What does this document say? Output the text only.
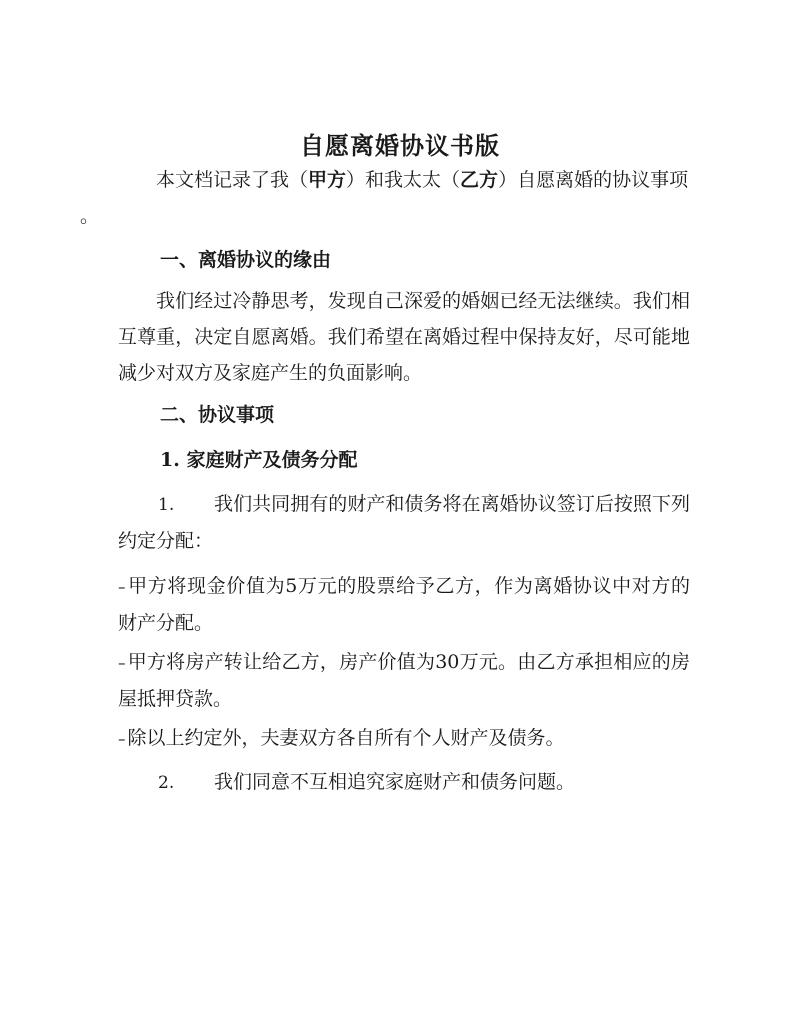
自愿离婚协议书版
本文档记录了我（甲方）和我太太（乙方）自愿离婚的协议事项
。
一、离婚协议的缘由
我们经过冷静思考，发现自己深爱的婚姻已经无法继续。我们相互尊重，决定自愿离婚。我们希望在离婚过程中保持友好，尽可能地减少对双方及家庭产生的负面影响。
二、协议事项
1. 家庭财产及债务分配
1. 我们共同拥有的财产和债务将在离婚协议签订后按照下列约定分配：
– 甲方将现金价值为5万元的股票给予乙方，作为离婚协议中对方的财产分配。
– 甲方将房产转让给乙方，房产价值为30万元。由乙方承担相应的房屋抵押贷款。
– 除以上约定外，夫妻双方各自所有个人财产及债务。
2. 我们同意不互相追究家庭财产和债务问题。
